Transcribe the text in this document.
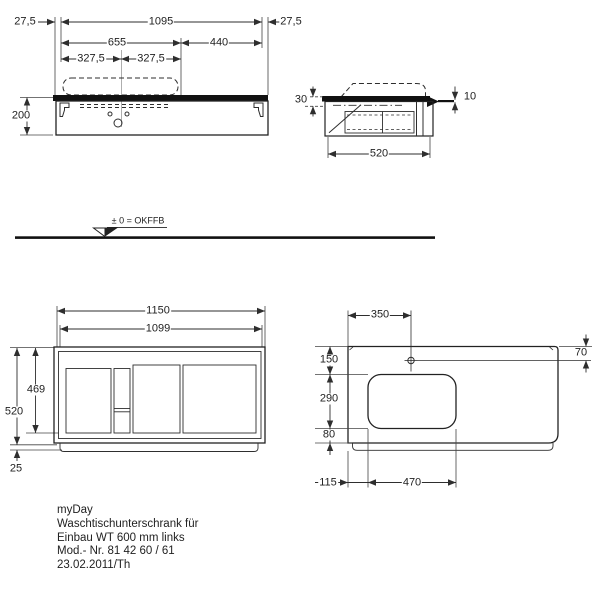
27,5	1095
655	440
327,5	327,5
27,5
200
30	10
520
± 0 = OKFFB
1150
1099
469
520
25
350
70
150
290
80
115	470
myDay
Waschtischunterschrank für
Einbau WT 600 mm links
Mod.- Nr. 81 42 60 / 61
23.02.2011/Th
